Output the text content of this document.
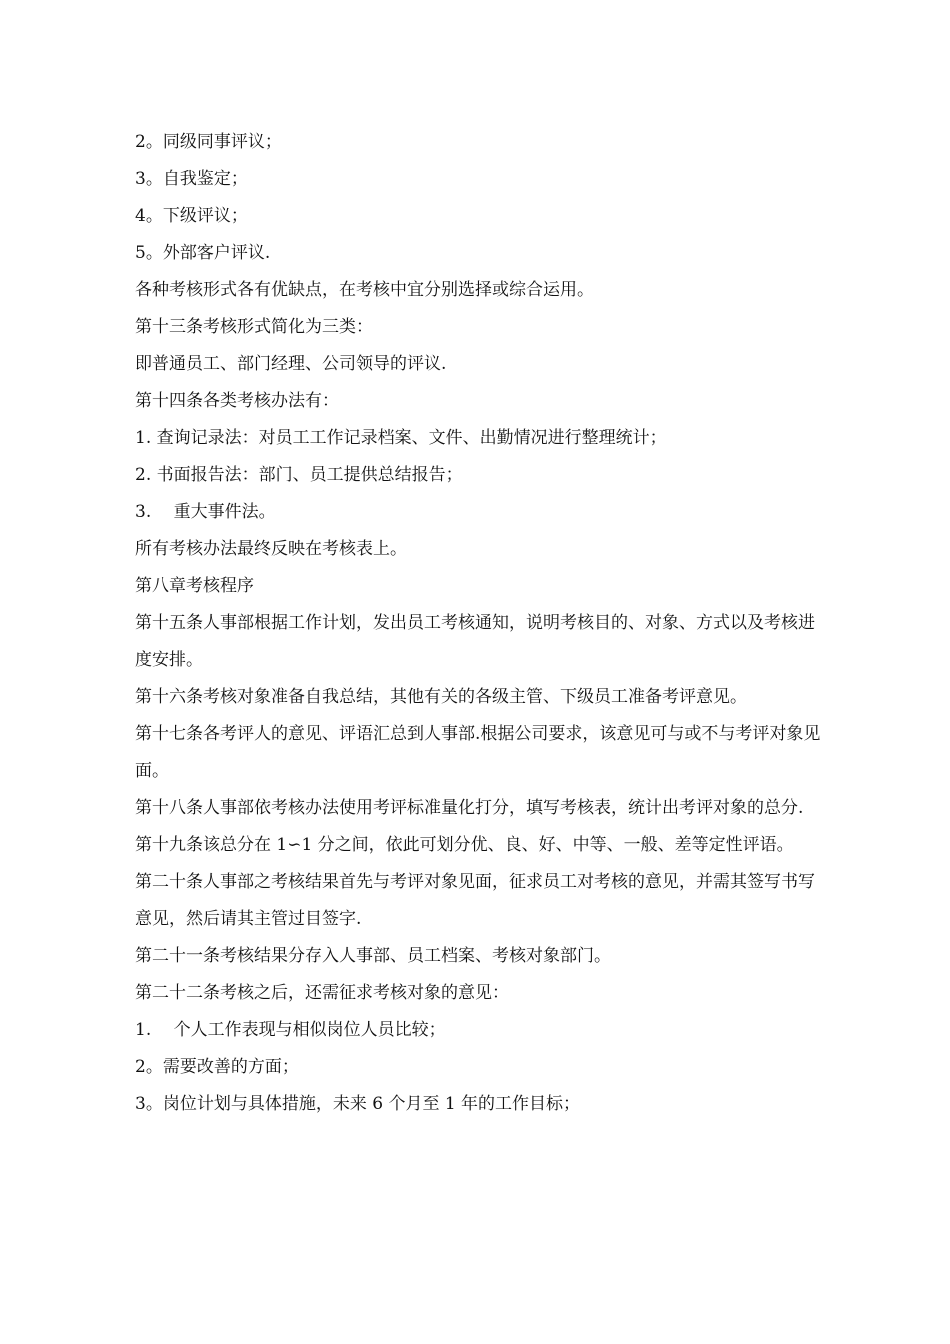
2。同级同事评议；

3。自我鉴定；

4。下级评议；

5。外部客户评议.

各种考核形式各有优缺点，在考核中宜分别选择或综合运用。

第十三条考核形式简化为三类：

即普通员工、部门经理、公司领导的评议.

第十四条各类考核办法有：

1. 查询记录法：对员工工作记录档案、文件、出勤情况进行整理统计；

2. 书面报告法：部门、员工提供总结报告；

3.　 重大事件法。

所有考核办法最终反映在考核表上。

第八章考核程序

第十五条人事部根据工作计划，发出员工考核通知，说明考核目的、对象、方式以及考核进度安排。

第十六条考核对象准备自我总结，其他有关的各级主管、下级员工准备考评意见。

第十七条各考评人的意见、评语汇总到人事部.根据公司要求，该意见可与或不与考评对象见面。

第十八条人事部依考核办法使用考评标准量化打分，填写考核表，统计出考评对象的总分.

第十九条该总分在 1∽1 分之间，依此可划分优、良、好、中等、一般、差等定性评语。

第二十条人事部之考核结果首先与考评对象见面，征求员工对考核的意见，并需其签写书写意见，然后请其主管过目签字.

第二十一条考核结果分存入人事部、员工档案、考核对象部门。

第二十二条考核之后，还需征求考核对象的意见：

1.　 个人工作表现与相似岗位人员比较；

2。需要改善的方面；

3。岗位计划与具体措施，未来 6 个月至 1 年的工作目标；
